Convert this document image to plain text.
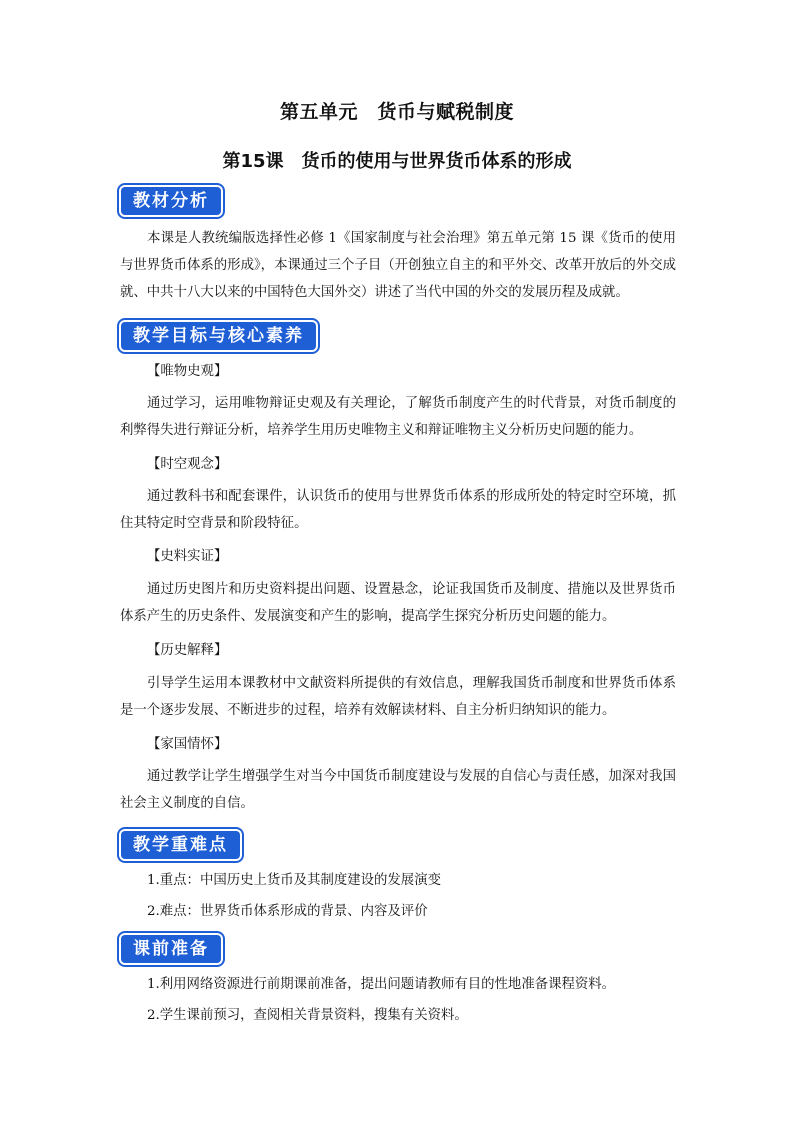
第五单元　货币与赋税制度
第15课　货币的使用与世界货币体系的形成
教材分析
本课是人教统编版选择性必修 1《国家制度与社会治理》第五单元第 15 课《货币的使用与世界货币体系的形成》，本课通过三个子目（开创独立自主的和平外交、改革开放后的外交成就、中共十八大以来的中国特色大国外交）讲述了当代中国的外交的发展历程及成就。
教学目标与核心素养
【唯物史观】
通过学习，运用唯物辩证史观及有关理论，了解货币制度产生的时代背景，对货币制度的利弊得失进行辩证分析，培养学生用历史唯物主义和辩证唯物主义分析历史问题的能力。
【时空观念】
通过教科书和配套课件，认识货币的使用与世界货币体系的形成所处的特定时空环境，抓住其特定时空背景和阶段特征。
【史料实证】
通过历史图片和历史资料提出问题、设置悬念，论证我国货币及制度、措施以及世界货币体系产生的历史条件、发展演变和产生的影响，提高学生探究分析历史问题的能力。
【历史解释】
引导学生运用本课教材中文献资料所提供的有效信息，理解我国货币制度和世界货币体系是一个逐步发展、不断进步的过程，培养有效解读材料、自主分析归纳知识的能力。
【家国情怀】
通过教学让学生增强学生对当今中国货币制度建设与发展的自信心与责任感，加深对我国社会主义制度的自信。
教学重难点
1.重点：中国历史上货币及其制度建设的发展演变
2.难点：世界货币体系形成的背景、内容及评价
课前准备
1.利用网络资源进行前期课前准备，提出问题请教师有目的性地准备课程资料。
2.学生课前预习，查阅相关背景资料，搜集有关资料。
